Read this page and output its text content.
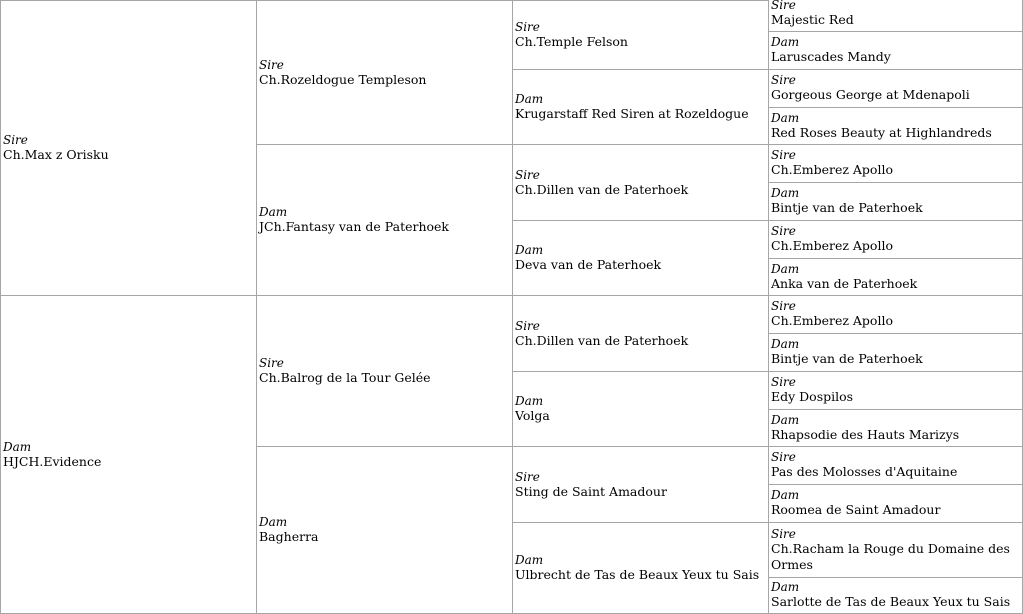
Sire
Ch.Max z Orisku
Dam
HJCH.Evidence
Sire
Ch.Rozeldogue Templeson
Dam
JCh.Fantasy van de Paterhoek
Sire
Ch.Balrog de la Tour Gelée
Dam
Bagherra
Sire
Ch.Temple Felson
Dam
Krugarstaff Red Siren at Rozeldogue
Sire
Ch.Dillen van de Paterhoek
Dam
Deva van de Paterhoek
Sire
Ch.Dillen van de Paterhoek
Dam
Volga
Sire
Sting de Saint Amadour
Dam
Ulbrecht de Tas de Beaux Yeux tu Sais
Sire
Majestic Red
Dam
Laruscades Mandy
Sire
Gorgeous George at Mdenapoli
Dam
Red Roses Beauty at Highlandreds
Sire
Ch.Emberez Apollo
Dam
Bintje van de Paterhoek
Sire
Ch.Emberez Apollo
Dam
Anka van de Paterhoek
Sire
Ch.Emberez Apollo
Dam
Bintje van de Paterhoek
Sire
Edy Dospilos
Dam
Rhapsodie des Hauts Marizys
Sire
Pas des Molosses d'Aquitaine
Dam
Roomea de Saint Amadour
Sire
Ch.Racham la Rouge du Domaine des Ormes
Dam
Sarlotte de Tas de Beaux Yeux tu Sais
